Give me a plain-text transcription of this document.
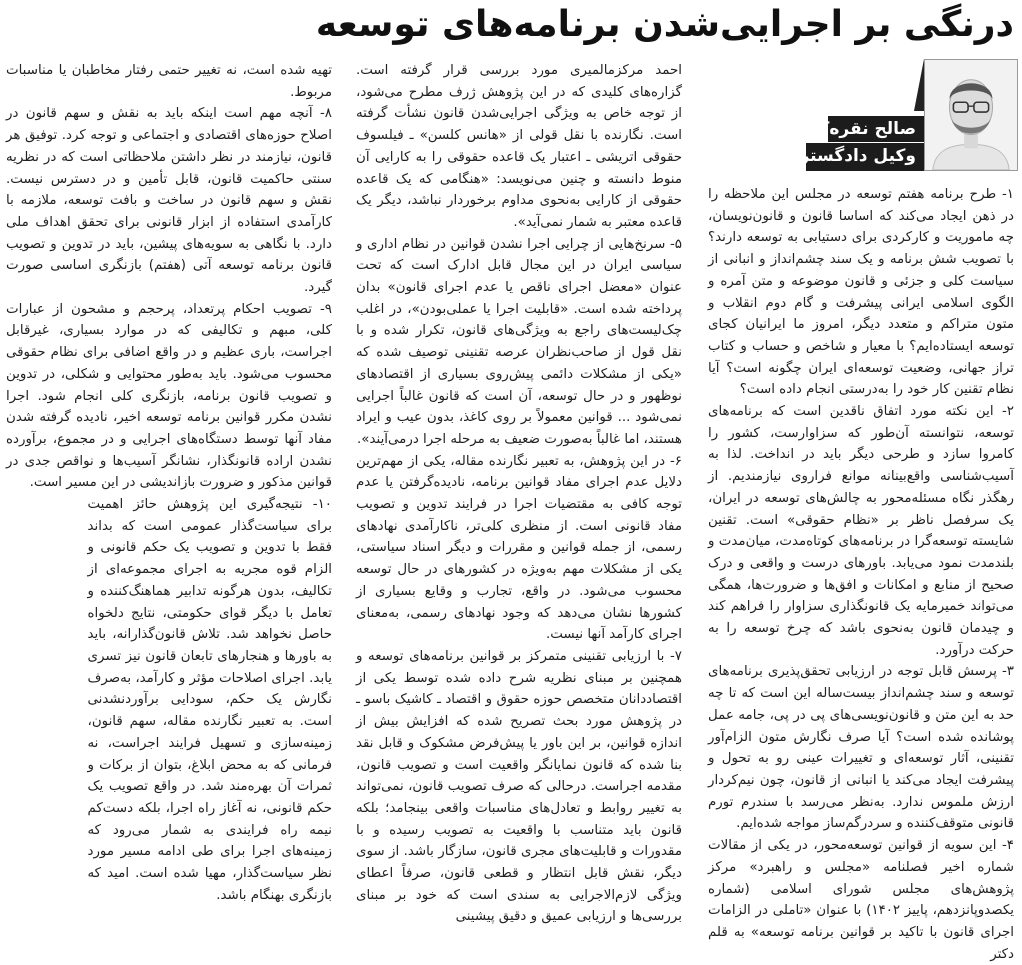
درنگی بر اجرایی‌شدن برنامه‌های توسعه
صالح نقره‌کار
وکیل دادگستری

۱- طرح برنامه هفتم توسعه در مجلس این ملاحظه را در ذهن ایجاد می‌کند که اساسا قانون و قانون‌نویسان، چه ماموریت و کارکردی برای دستیابی به توسعه دارند؟ با تصویب شش برنامه و یک سند چشم‌انداز و انبانی از سیاست کلی و جزئی و قانون موضوعه و متن آمره و الگوی اسلامی ایرانی پیشرفت و گام دوم انقلاب و متون متراکم و متعدد دیگر، امروز ما ایرانیان کجای توسعه ایستاده‌ایم؟ با معیار و شاخص و حساب و کتاب تراز جهانی، وضعیت توسعه‌ای ایران چگونه است؟ آیا نظام تقنین کار خود را به‌درستی انجام داده است؟

۲- این نکته مورد اتفاق ناقدین است که برنامه‌های توسعه، نتوانسته آن‌طور که سزاوارست، کشور را کامروا سازد و طرحی دیگر باید در انداخت. لذا به آسیب‌شناسی واقع‌بینانه موانع فراروی نیازمندیم. از رهگذر نگاه مسئله‌محور به چالش‌های توسعه در ایران، یک سرفصل ناظر بر «نظام حقوقی» است. تقنین شایسته توسعه‌گرا در برنامه‌های کوتاه‌مدت، میان‌مدت و بلندمدت نمود می‌یابد. باورهای درست و واقعی و درک صحیح از منابع و امکانات و افق‌ها و ضرورت‌ها، همگی می‌تواند خمیرمایه یک قانونگذاری سزاوار را فراهم کند و چیدمان قانون به‌نحوی باشد که چرخ توسعه را به حرکت درآورد.

۳- پرسش قابل توجه در ارزیابی تحقق‌پذیری برنامه‌های توسعه و سند چشم‌انداز بیست‌ساله این است که تا چه حد به این متن و قانون‌نویسی‌های پی در پی، جامه عمل پوشانده شده است؟ آیا صرف نگارش متون الزام‌آور تقنینی، آثار توسعه‌ای و تغییرات عینی رو به تحول و پیشرفت ایجاد می‌کند یا انبانی از قانون، چون نیم‌کردار ارزش ملموس ندارد. به‌نظر می‌رسد با سندرم تورم قانونی متوقف‌کننده و سردرگم‌ساز مواجه شده‌ایم.

۴- این سویه از قوانین توسعه‌محور، در یکی از مقالات شماره اخیر فصلنامه «مجلس و راهبرد» مرکز پژوهش‌های مجلس شورای اسلامی (شماره یکصدوپانزدهم، پاییز ۱۴۰۲) با عنوان «تاملی در الزامات اجرای قانون با تاکید بر قوانین برنامه توسعه» به قلم دکتر

احمد مرکزمالمیری مورد بررسی قرار گرفته است. گزاره‌های کلیدی که در این پژوهش ژرف مطرح می‌شود، از توجه خاص به ویژگی اجرایی‌شدن قانون نشأت گرفته است. نگارنده با نقل قولی از «هانس کلسن» ـ فیلسوف حقوقی اتریشی ـ اعتبار یک قاعده حقوقی را به کارایی آن منوط دانسته و چنین می‌نویسد: «هنگامی که یک قاعده حقوقی از کارایی به‌نحوی مداوم برخوردار نباشد، دیگر یک قاعده معتبر به شمار نمی‌آید».

۵- سرنخ‌هایی از چرایی اجرا نشدن قوانین در نظام اداری و سیاسی ایران در این مجال قابل ادارک است که تحت عنوان «معضل اجرای ناقص یا عدم اجرای قانون» بدان پرداخته شده است. «قابلیت اجرا یا عملی‌بودن»، در اغلب چک‌لیست‌های راجع به ویژگی‌های قانون، تکرار شده و با نقل قول از صاحب‌نظران عرصه تقنینی توصیف شده که «یکی از مشکلات دائمی پیش‌روی بسیاری از اقتصادهای نوظهور و در حال توسعه، آن است که قانون غالباً اجرایی نمی‌شود ... قوانین معمولاً بر روی کاغذ، بدون عیب و ایراد هستند، اما غالباً به‌صورت ضعیف به مرحله اجرا درمی‌آیند».

۶- در این پژوهش، به تعبیر نگارنده مقاله، یکی از مهم‌ترین دلایل عدم اجرای مفاد قوانین برنامه، نادیده‌گرفتن یا عدم توجه کافی به مقتضیات اجرا در فرایند تدوین و تصویب مفاد قانونی است. از منظری کلی‌تر، ناکارآمدی نهادهای رسمی، از جمله قوانین و مقررات و دیگر اسناد سیاستی، یکی از مشکلات مهم به‌ویژه در کشورهای در حال توسعه محسوب می‌شود. در واقع، تجارب و وقایع بسیاری از کشورها نشان می‌دهد که وجود نهادهای رسمی، به‌معنای اجرای کارآمد آنها نیست.

۷- با ارزیابی تقنینی متمرکز بر قوانین برنامه‌های توسعه و همچنین بر مبنای نظریه شرح داده شده توسط یکی از اقتصاددانان متخصص حوزه حقوق و اقتصاد ـ کاشیک باسو ـ در پژوهش مورد بحث تصریح شده که افزایش بیش از اندازه قوانین، بر این باور یا پیش‌فرض مشکوک و قابل نقد بنا شده که قانون نمایانگر واقعیت است و تصویب قانون، مقدمه اجراست. درحالی که صرف تصویب قانون، نمی‌تواند به تغییر روابط و تعادل‌های مناسبات واقعی بینجامد؛ بلکه قانون باید متناسب با واقعیت به تصویب رسیده و با مقدورات و قابلیت‌های مجری قانون، سازگار باشد. از سوی دیگر، نقش قابل انتظار و قطعی قانون، صرفاً اعطای ویژگی لازم‌الاجرایی به سندی است که خود بر مبنای بررسی‌ها و ارزیابی عمیق و دقیق پیشینی

تهیه شده است، نه تغییر حتمی رفتار مخاطبان یا مناسبات مربوط.

۸- آنچه مهم است اینکه باید به نقش و سهم قانون در اصلاح حوزه‌های اقتصادی و اجتماعی و توجه کرد. توفیق هر قانون، نیازمند در نظر داشتن ملاحظاتی است که در نظریه سنتی حاکمیت قانون، قابل تأمین و در دسترس نیست. نقش و سهم قانون در ساخت و بافت توسعه، ملازمه با کارآمدی استفاده از ابزار قانونی برای تحقق اهداف ملی دارد. با نگاهی به سویه‌های پیشین، باید در تدوین و تصویب قانون برنامه توسعه آتی (هفتم) بازنگری اساسی صورت گیرد.

۹- تصویب احکام پرتعداد، پرحجم و مشحون از عبارات کلی، مبهم و تکالیفی که در موارد بسیاری، غیرقابل اجراست، باری عظیم و در واقع اضافی برای نظام حقوقی محسوب می‌شود. باید به‌طور محتوایی و شکلی، در تدوین و تصویب قانون برنامه، بازنگری کلی انجام شود. اجرا نشدن مکرر قوانین برنامه توسعه اخیر، نادیده گرفته شدن مفاد آنها توسط دستگاه‌های اجرایی و در مجموع، برآورده نشدن اراده قانونگذار، نشانگر آسیب‌ها و نواقص جدی در قوانین مذکور و ضرورت بازاندیشی در این مسیر است.

۱۰- نتیجه‌گیری این پژوهش حائز اهمیت برای سیاست‌گذار عمومی است که بداند فقط با تدوین و تصویب یک حکم قانونی و الزام قوه مجریه به اجرای مجموعه‌ای از تکالیف، بدون هرگونه تدابیر هماهنگ‌کننده و تعامل با دیگر قوای حکومتی، نتایج دلخواه حاصل نخواهد شد. تلاش قانون‌گذارانه، باید به باورها و هنجارهای تابعان قانون نیز تسری یابد. اجرای اصلاحات مؤثر و کارآمد، به‌صرف نگارش یک حکم، سودایی برآوردنشدنی است. به تعبیر نگارنده مقاله، سهم قانون، زمینه‌سازی و تسهیل فرایند اجراست، نه فرمانی که به محض ابلاغ، بتوان از برکات و ثمرات آن بهره‌مند شد. در واقع تصویب یک حکم قانونی، نه آغاز راه اجرا، بلکه دست‌کم نیمه راه فرایندی به شمار می‌رود که زمینه‌های اجرا برای طی ادامه مسیر مورد نظر سیاست‌گذار، مهیا شده است. امید که بازنگری بهنگام باشد.
